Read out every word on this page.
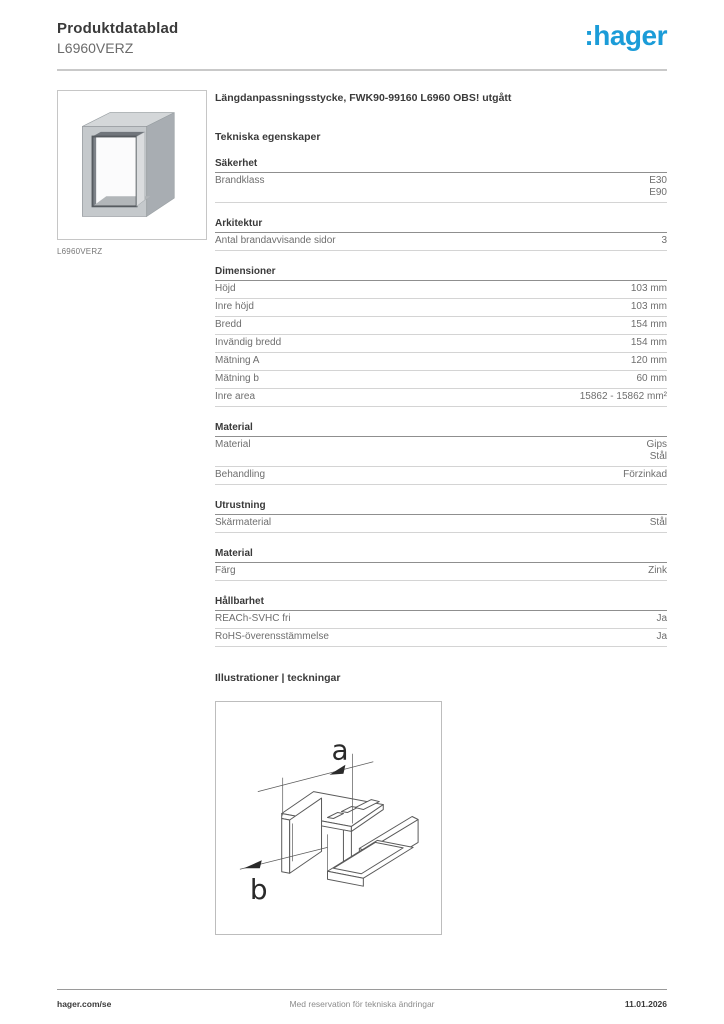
Produktdatablad
L6960VERZ	:hager
L6960VERZ
Längdanpassningsstycke, FWK90-99160 L6960 OBS! utgått
Tekniska egenskaper
Säkerhet
Brandklass	E30
E90
Arkitektur
Antal brandavvisande sidor	3
Dimensioner
Höjd	103 mm
Inre höjd	103 mm
Bredd	154 mm
Invändig bredd	154 mm
Mätning A	120 mm
Mätning b	60 mm
Inre area	15862 - 15862 mm²
Material
Material	Gips
Stål
Behandling	Förzinkad
Utrustning
Skärmaterial	Stål
Material
Färg	Zink
Hållbarhet
REACh-SVHC fri	Ja
RoHS-överensstämmelse	Ja
Illustrationer | teckningar
a
b
hager.com/se	Med reservation för tekniska ändringar	11.01.2026
